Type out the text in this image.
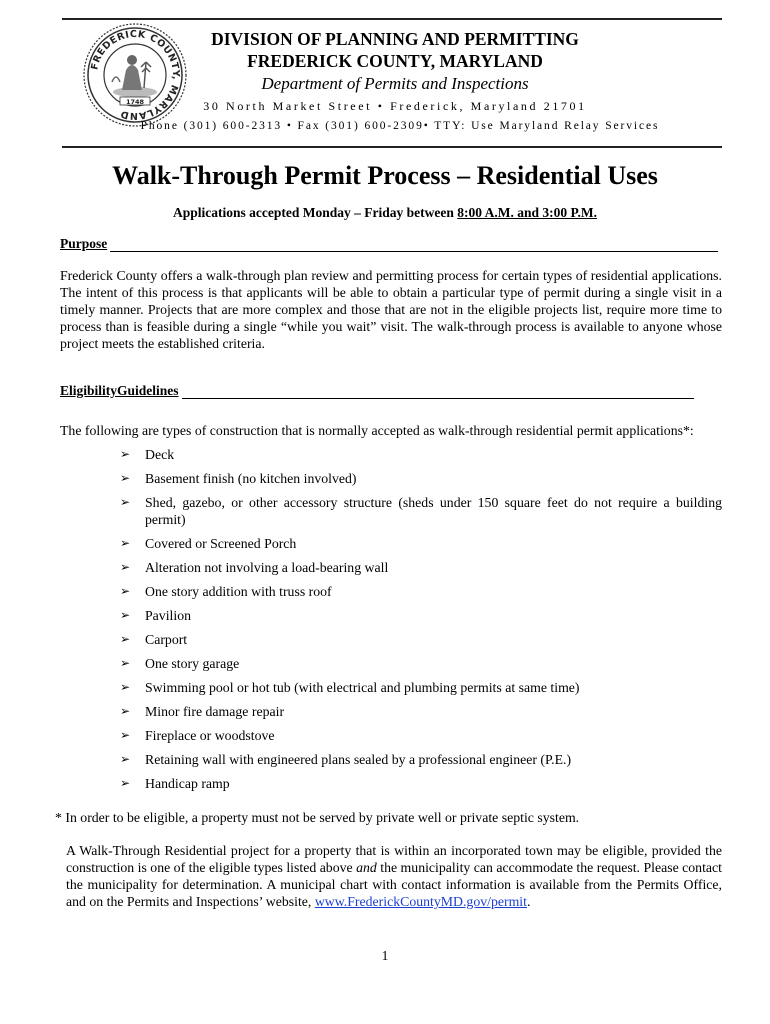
FREDERICK COUNTY, MARYLAND
1748
DIVISION OF PLANNING AND PERMITTING
FREDERICK COUNTY, MARYLAND
Department of Permits and Inspections
30 North Market Street • Frederick, Maryland 21701
Phone (301) 600-2313 • Fax (301) 600-2309• TTY: Use Maryland Relay Services
Walk-Through Permit Process – Residential Uses
Applications accepted Monday – Friday between 8:00 A.M. and 3:00 P.M.
Purpose
Frederick County offers a walk-through plan review and permitting process for certain types of residential applications. The intent of this process is that applicants will be able to obtain a particular type of permit during a single visit in a timely manner. Projects that are more complex and those that are not in the eligible projects list, require more time to process than is feasible during a single “while you wait” visit. The walk-through process is available to anyone whose project meets the established criteria.
EligibilityGuidelines
The following are types of construction that is normally accepted as walk-through residential permit applications*:
➢ Deck
➢ Basement finish (no kitchen involved)
➢ Shed, gazebo, or other accessory structure (sheds under 150 square feet do not require a building permit)
➢ Covered or Screened Porch
➢ Alteration not involving a load-bearing wall
➢ One story addition with truss roof
➢ Pavilion
➢ Carport
➢ One story garage
➢ Swimming pool or hot tub (with electrical and plumbing permits at same time)
➢ Minor fire damage repair
➢ Fireplace or woodstove
➢ Retaining wall with engineered plans sealed by a professional engineer (P.E.)
➢ Handicap ramp
* In order to be eligible, a property must not be served by private well or private septic system.
A Walk-Through Residential project for a property that is within an incorporated town may be eligible, provided the construction is one of the eligible types listed above and the municipality can accommodate the request. Please contact the municipality for determination. A municipal chart with contact information is available from the Permits Office, and on the Permits and Inspections’ website, www.FrederickCountyMD.gov/permit.
1
